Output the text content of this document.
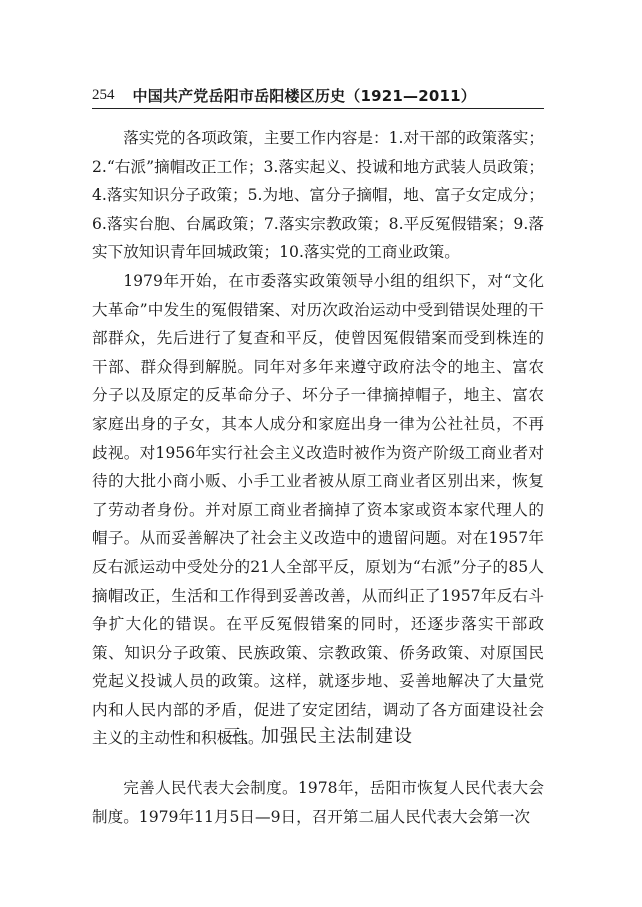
254 中国共产党岳阳市岳阳楼区历史（1921—2011）

落实党的各项政策，主要工作内容是：1.对干部的政策落实；2.“右派”摘帽改正工作；3.落实起义、投诚和地方武装人员政策；4.落实知识分子政策；5.为地、富分子摘帽，地、富子女定成分；6.落实台胞、台属政策；7.落实宗教政策；8.平反冤假错案；9.落实下放知识青年回城政策；10.落实党的工商业政策。

1979年开始，在市委落实政策领导小组的组织下，对“文化大革命”中发生的冤假错案、对历次政治运动中受到错误处理的干部群众，先后进行了复查和平反，使曾因冤假错案而受到株连的干部、群众得到解脱。同年对多年来遵守政府法令的地主、富农分子以及原定的反革命分子、坏分子一律摘掉帽子，地主、富农家庭出身的子女，其本人成分和家庭出身一律为公社社员，不再歧视。对1956年实行社会主义改造时被作为资产阶级工商业者对待的大批小商小贩、小手工业者被从原工商业者区别出来，恢复了劳动者身份。并对原工商业者摘掉了资本家或资本家代理人的帽子。从而妥善解决了社会主义改造中的遗留问题。对在1957年反右派运动中受处分的21人全部平反，原划为“右派”分子的85人摘帽改正，生活和工作得到妥善改善，从而纠正了1957年反右斗争扩大化的错误。在平反冤假错案的同时，还逐步落实干部政策、知识分子政策、民族政策、宗教政策、侨务政策、对原国民党起义投诚人员的政策。这样，就逐步地、妥善地解决了大量党内和人民内部的矛盾，促进了安定团结，调动了各方面建设社会主义的主动性和积极性。

三、加强民主法制建设

完善人民代表大会制度。1978年，岳阳市恢复人民代表大会制度。1979年11月5日—9日，召开第二届人民代表大会第一次
